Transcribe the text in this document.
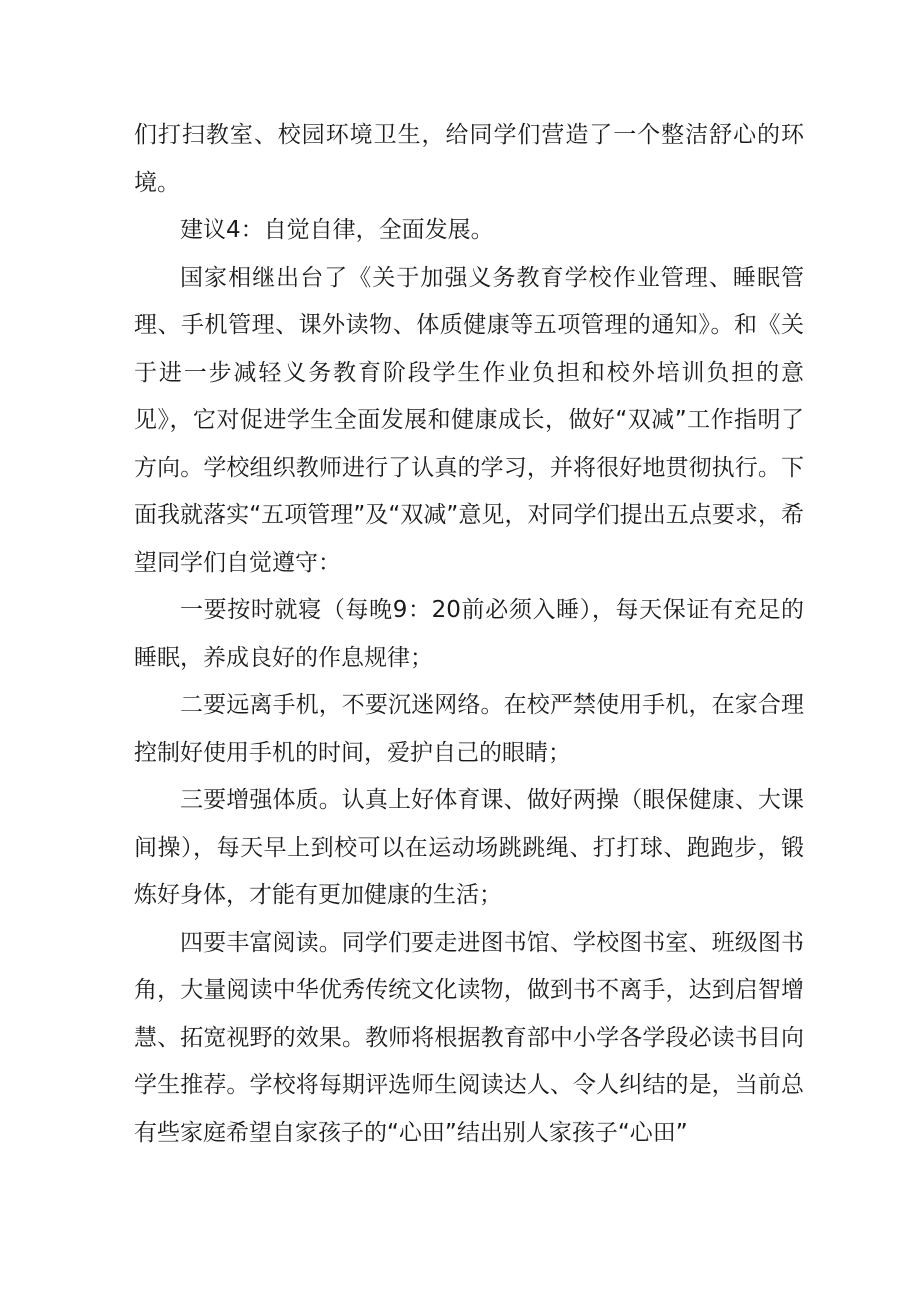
们打扫教室、校园环境卫生，给同学们营造了一个整洁舒心的环境。

建议4：自觉自律，全面发展。

国家相继出台了《关于加强义务教育学校作业管理、睡眠管理、手机管理、课外读物、体质健康等五项管理的通知》。和《关于进一步减轻义务教育阶段学生作业负担和校外培训负担的意见》，它对促进学生全面发展和健康成长，做好“双减”工作指明了方向。学校组织教师进行了认真的学习，并将很好地贯彻执行。下面我就落实“五项管理”及“双减”意见，对同学们提出五点要求，希望同学们自觉遵守：

一要按时就寝（每晚9：20前必须入睡），每天保证有充足的睡眠，养成良好的作息规律；

二要远离手机，不要沉迷网络。在校严禁使用手机，在家合理控制好使用手机的时间，爱护自己的眼睛；

三要增强体质。认真上好体育课、做好两操（眼保健康、大课间操），每天早上到校可以在运动场跳跳绳、打打球、跑跑步，锻炼好身体，才能有更加健康的生活；

四要丰富阅读。同学们要走进图书馆、学校图书室、班级图书角，大量阅读中华优秀传统文化读物，做到书不离手，达到启智增慧、拓宽视野的效果。教师将根据教育部中小学各学段必读书目向学生推荐。学校将每期评选师生阅读达人、令人纠结的是，当前总有些家庭希望自家孩子的“心田”结出别人家孩子“心田”
